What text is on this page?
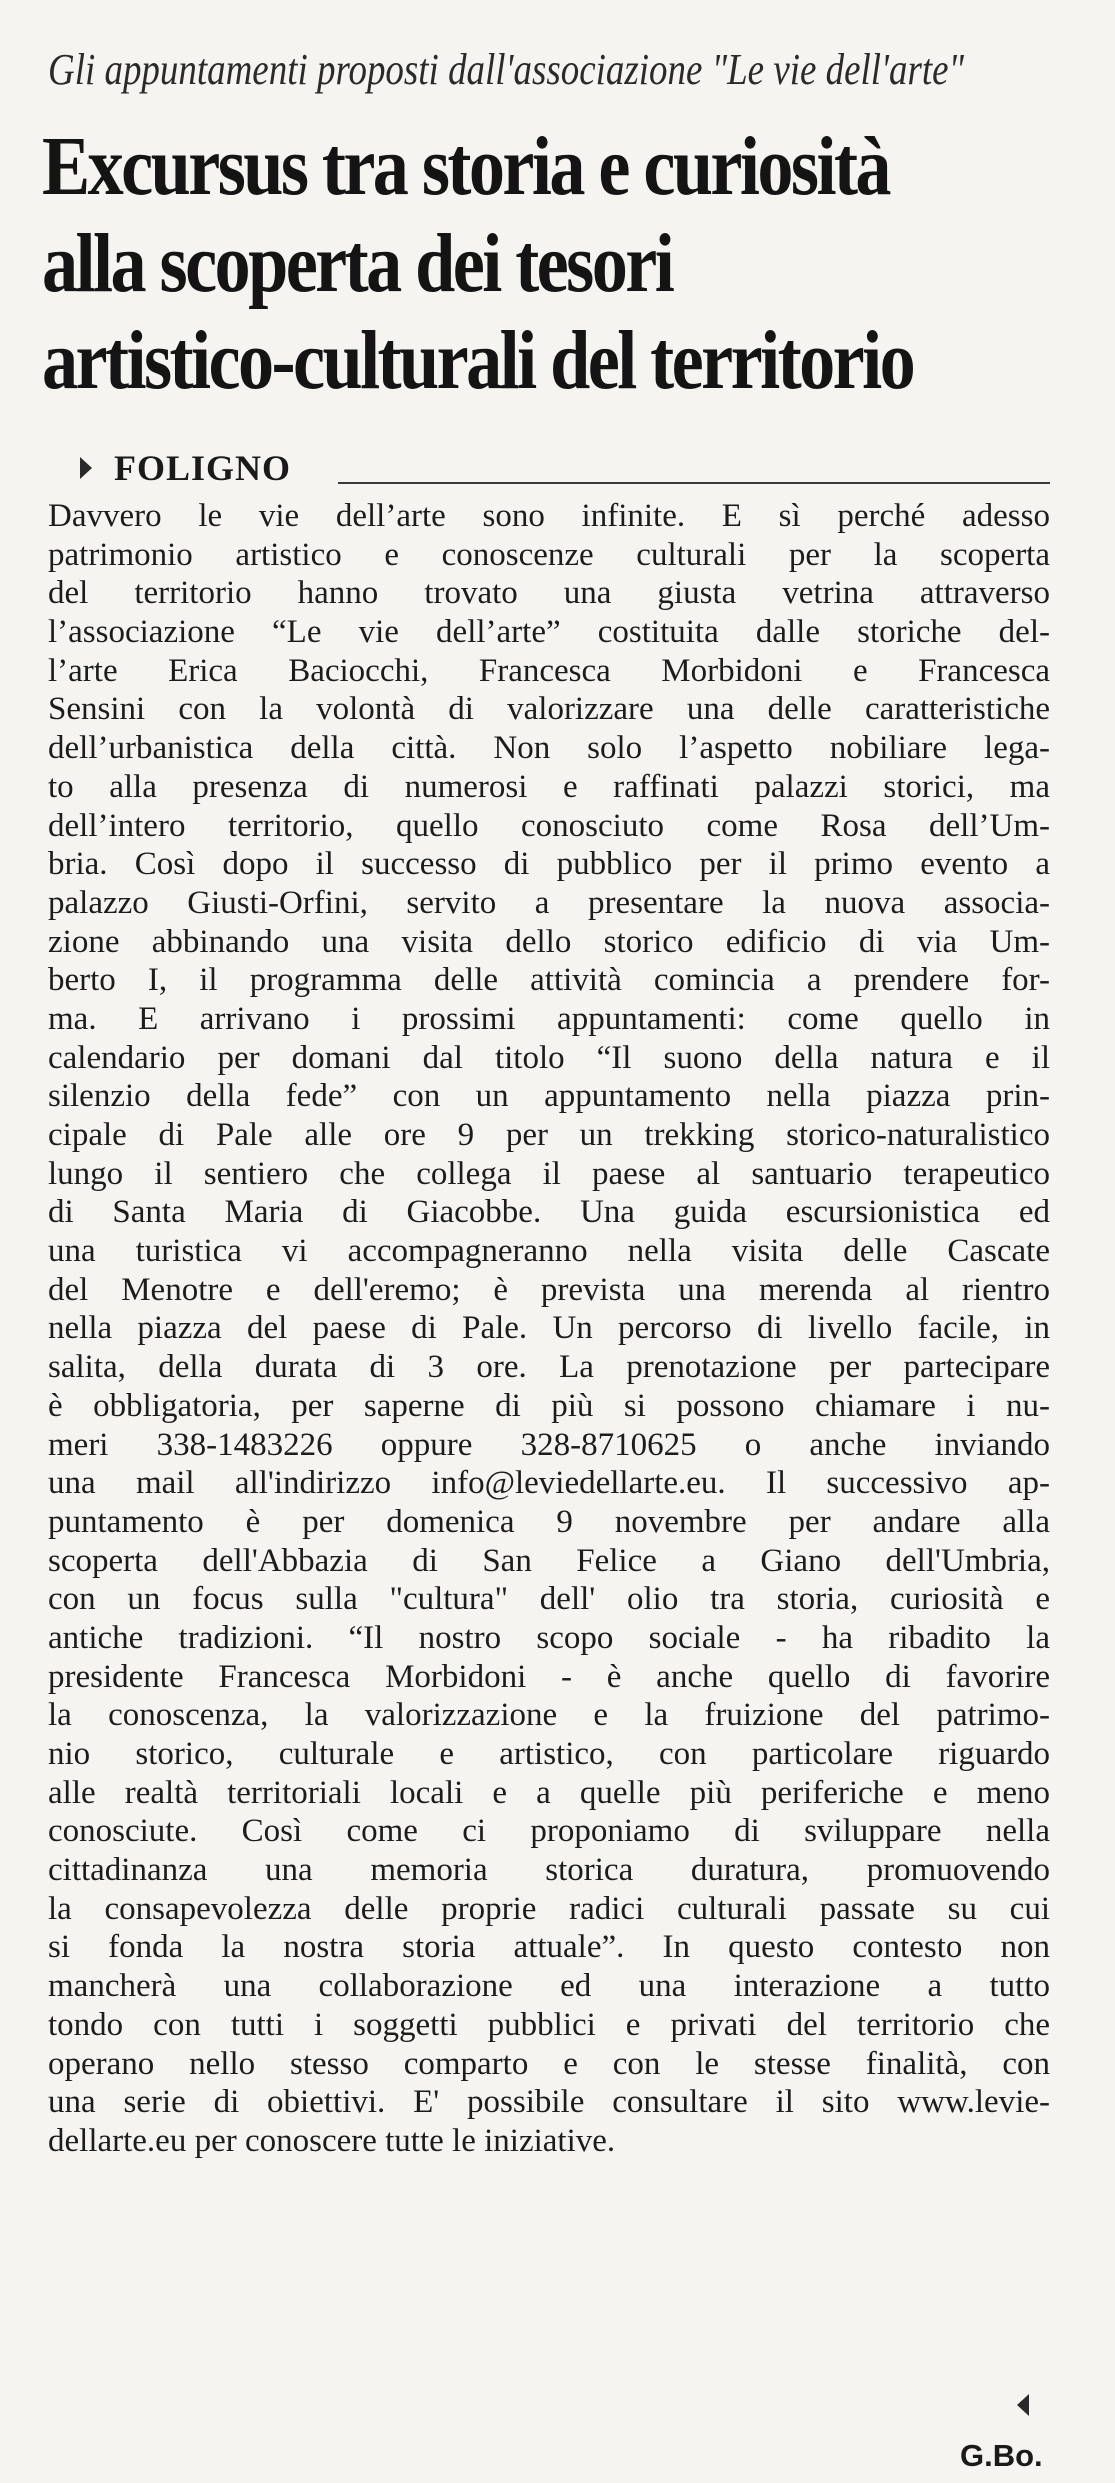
Gli appuntamenti proposti dall'associazione "Le vie dell'arte"
Excursus tra storia e curiosità
alla scoperta dei tesori
artistico-culturali del territorio
FOLIGNO
Davvero le vie dell’arte sono infinite. E sì perché adesso
patrimonio artistico e conoscenze culturali per la scoperta
del territorio hanno trovato una giusta vetrina attraverso
l’associazione “Le vie dell’arte” costituita dalle storiche del-
l’arte Erica Baciocchi, Francesca Morbidoni e Francesca
Sensini con la volontà di valorizzare una delle caratteristiche
dell’urbanistica della città. Non solo l’aspetto nobiliare lega-
to alla presenza di numerosi e raffinati palazzi storici, ma
dell’intero territorio, quello conosciuto come Rosa dell’Um-
bria. Così dopo il successo di pubblico per il primo evento a
palazzo Giusti-Orfini, servito a presentare la nuova associa-
zione abbinando una visita dello storico edificio di via Um-
berto I, il programma delle attività comincia a prendere for-
ma. E arrivano i prossimi appuntamenti: come quello in
calendario per domani dal titolo “Il suono della natura e il
silenzio della fede” con un appuntamento nella piazza prin-
cipale di Pale alle ore 9 per un trekking storico-naturalistico
lungo il sentiero che collega il paese al santuario terapeutico
di Santa Maria di Giacobbe. Una guida escursionistica ed
una turistica vi accompagneranno nella visita delle Cascate
del Menotre e dell'eremo; è prevista una merenda al rientro
nella piazza del paese di Pale. Un percorso di livello facile, in
salita, della durata di 3 ore. La prenotazione per partecipare
è obbligatoria, per saperne di più si possono chiamare i nu-
meri 338-1483226 oppure 328-8710625 o anche inviando
una mail all'indirizzo info@leviedellarte.eu. Il successivo ap-
puntamento è per domenica 9 novembre per andare alla
scoperta dell'Abbazia di San Felice a Giano dell'Umbria,
con un focus sulla "cultura" dell' olio tra storia, curiosità e
antiche tradizioni. “Il nostro scopo sociale - ha ribadito la
presidente Francesca Morbidoni - è anche quello di favorire
la conoscenza, la valorizzazione e la fruizione del patrimo-
nio storico, culturale e artistico, con particolare riguardo
alle realtà territoriali locali e a quelle più periferiche e meno
conosciute. Così come ci proponiamo di sviluppare nella
cittadinanza una memoria storica duratura, promuovendo
la consapevolezza delle proprie radici culturali passate su cui
si fonda la nostra storia attuale”. In questo contesto non
mancherà una collaborazione ed una interazione a tutto
tondo con tutti i soggetti pubblici e privati del territorio che
operano nello stesso comparto e con le stesse finalità, con
una serie di obiettivi. E' possibile consultare il sito www.levie-
dellarte.eu per conoscere tutte le iniziative.
G.Bo.
